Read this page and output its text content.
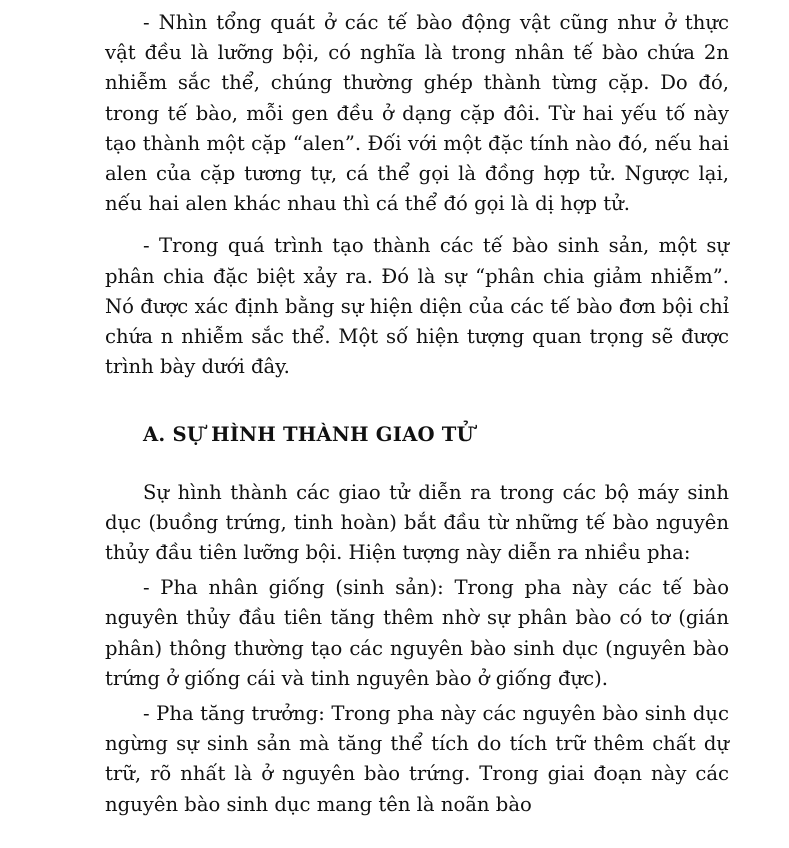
- Nhìn tổng quát ở các tế bào động vật cũng như ở thực vật đều là lưỡng bội, có nghĩa là trong nhân tế bào chứa 2n nhiễm sắc thể, chúng thường ghép thành từng cặp. Do đó, trong tế bào, mỗi gen đều ở dạng cặp đôi. Từ hai yếu tố này tạo thành một cặp “alen”. Đối với một đặc tính nào đó, nếu hai alen của cặp tương tự, cá thể gọi là đồng hợp tử. Ngược lại, nếu hai alen khác nhau thì cá thể đó gọi là dị hợp tử.

- Trong quá trình tạo thành các tế bào sinh sản, một sự phân chia đặc biệt xảy ra. Đó là sự “phân chia giảm nhiễm”. Nó được xác định bằng sự hiện diện của các tế bào đơn bội chỉ chứa n nhiễm sắc thể. Một số hiện tượng quan trọng sẽ được trình bày dưới đây.

A. SỰ HÌNH THÀNH GIAO TỬ

Sự hình thành các giao tử diễn ra trong các bộ máy sinh dục (buồng trứng, tinh hoàn) bắt đầu từ những tế bào nguyên thủy đầu tiên lưỡng bội. Hiện tượng này diễn ra nhiều pha:

- Pha nhân giống (sinh sản): Trong pha này các tế bào nguyên thủy đầu tiên tăng thêm nhờ sự phân bào có tơ (gián phân) thông thường tạo các nguyên bào sinh dục (nguyên bào trứng ở giống cái và tinh nguyên bào ở giống đực).

- Pha tăng trưởng: Trong pha này các nguyên bào sinh dục ngừng sự sinh sản mà tăng thể tích do tích trữ thêm chất dự trữ, rõ nhất là ở nguyên bào trứng. Trong giai đoạn này các nguyên bào sinh dục mang tên là noãn bào
